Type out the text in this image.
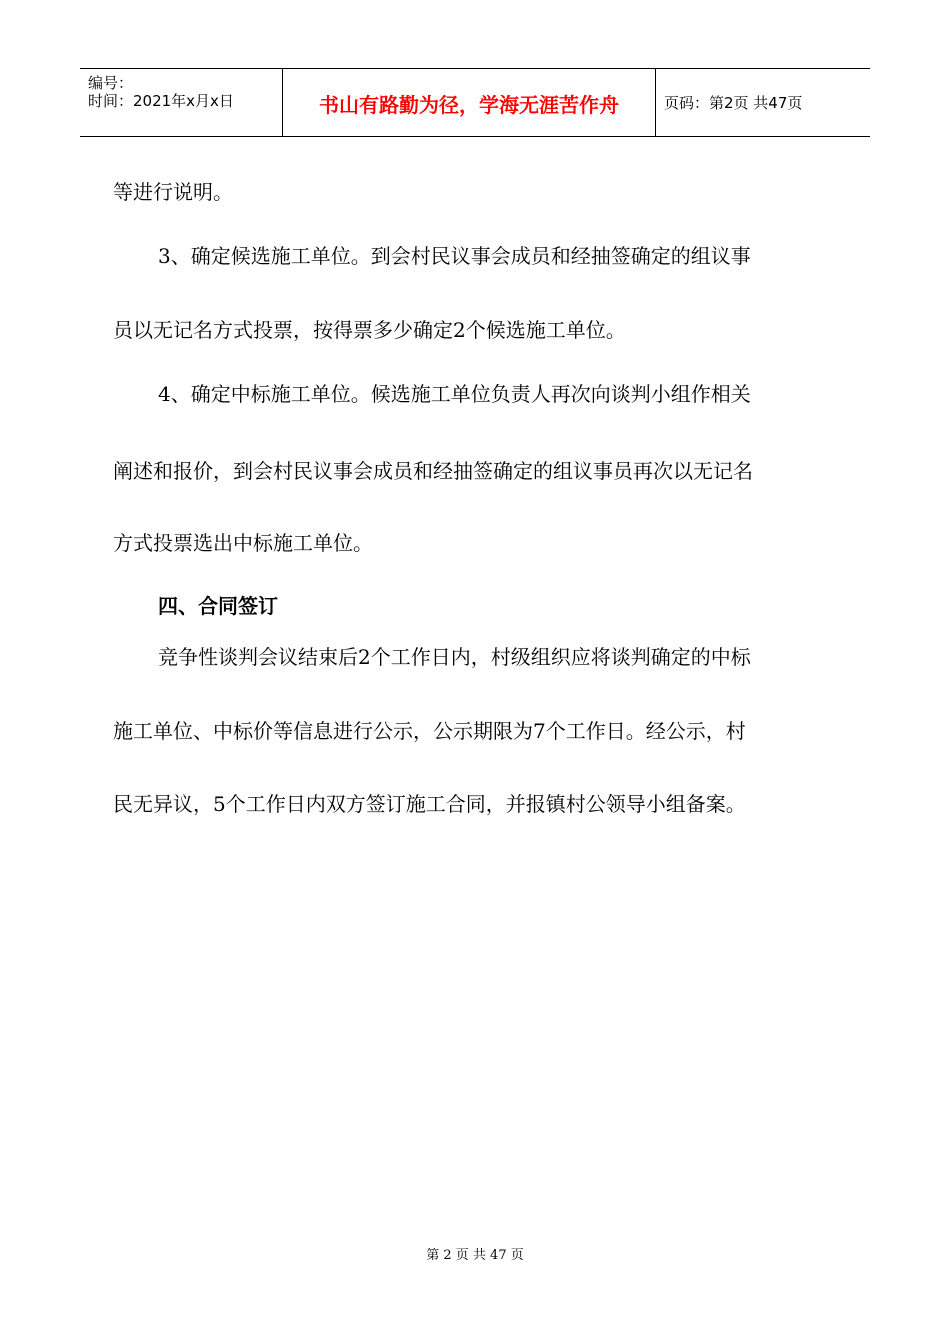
编号：
时间：2021年x月x日	书山有路勤为径，学海无涯苦作舟	页码：第2页 共47页
等进行说明。
3、确定候选施工单位。到会村民议事会成员和经抽签确定的组议事
员以无记名方式投票，按得票多少确定2个候选施工单位。
4、确定中标施工单位。候选施工单位负责人再次向谈判小组作相关
阐述和报价，到会村民议事会成员和经抽签确定的组议事员再次以无记名
方式投票选出中标施工单位。
四、合同签订
竞争性谈判会议结束后2个工作日内，村级组织应将谈判确定的中标
施工单位、中标价等信息进行公示，公示期限为7个工作日。经公示，村
民无异议，5个工作日内双方签订施工合同，并报镇村公领导小组备案。
第 2 页 共 47 页
